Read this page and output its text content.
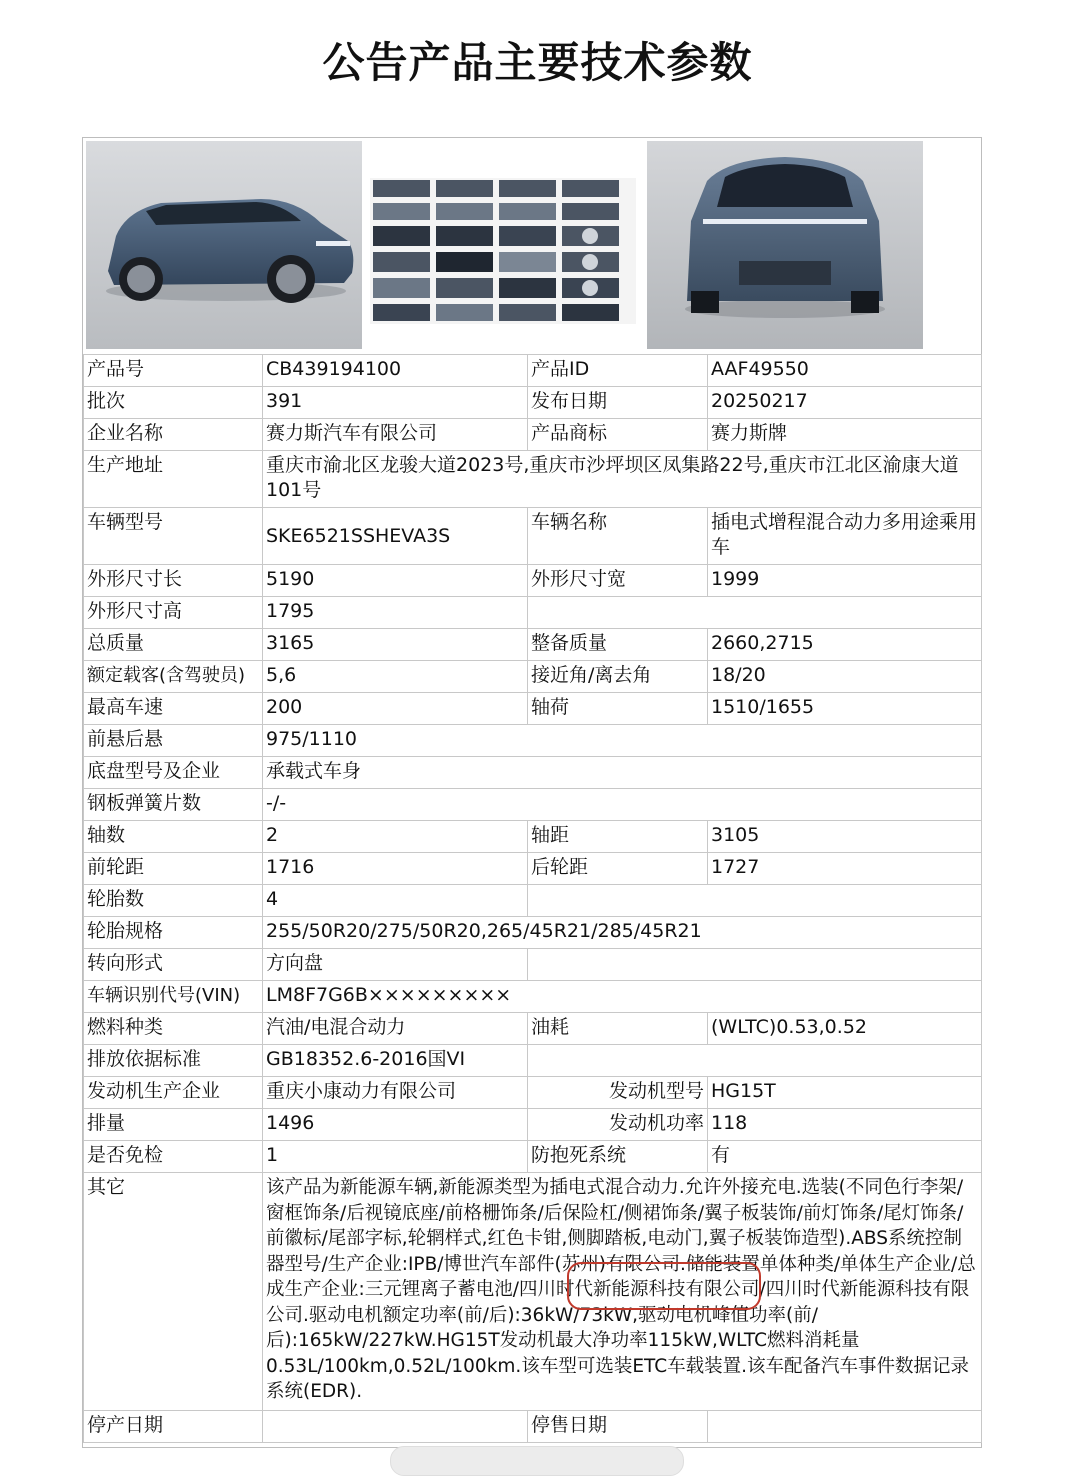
公告产品主要技术参数
产品号	CB439194100	产品ID	AAF49550
批次	391	发布日期	20250217
企业名称	赛力斯汽车有限公司	产品商标	赛力斯牌
生产地址	重庆市渝北区龙骏大道2023号,重庆市沙坪坝区凤集路22号,重庆市江北区渝康大道101号		
车辆型号	SKE6521SSHEVA3S	车辆名称	插电式增程混合动力多用途乘用车
外形尺寸长	5190	外形尺寸宽	1999
外形尺寸高	1795		
总质量	3165	整备质量	2660,2715
额定载客(含驾驶员)	5,6	接近角/离去角	18/20
最高车速	200	轴荷	1510/1655
前悬后悬	975/1110		
底盘型号及企业	承载式车身		
钢板弹簧片数	-/-		
轴数	2	轴距	3105
前轮距	1716	后轮距	1727
轮胎数	4		
轮胎规格	255/50R20/275/50R20,265/45R21/285/45R21		
转向形式	方向盘		
车辆识别代号(VIN)	LM8F7G6B×××××××××		
燃料种类	汽油/电混合动力	油耗	(WLTC)0.53,0.52
排放依据标准	GB18352.6-2016国VI		
发动机生产企业	重庆小康动力有限公司	发动机型号	HG15T
排量	1496	发动机功率	118
是否免检	1	防抱死系统	有
其它	该产品为新能源车辆,新能源类型为插电式混合动力.允许外接充电.选装(不同色行李架/窗框饰条/后视镜底座/前格栅饰条/后保险杠/侧裙饰条/翼子板装饰/前灯饰条/尾灯饰条/前徽标/尾部字标,轮辋样式,红色卡钳,侧脚踏板,电动门,翼子板装饰造型).ABS系统控制器型号/生产企业:IPB/博世汽车部件(苏州)有限公司.储能装置单体种类/单体生产企业/总成生产企业:三元锂离子蓄电池/四川时代新能源科技有限公司/四川时代新能源科技有限公司.驱动电机额定功率(前/后):36kW/73kW,驱动电机峰值功率(前/后):165kW/227kW.HG15T发动机最大净功率115kW,WLTC燃料消耗量0.53L/100km,0.52L/100km.该车型可选装ETC车载装置.该车配备汽车事件数据记录系统(EDR).		
停产日期		停售日期	
